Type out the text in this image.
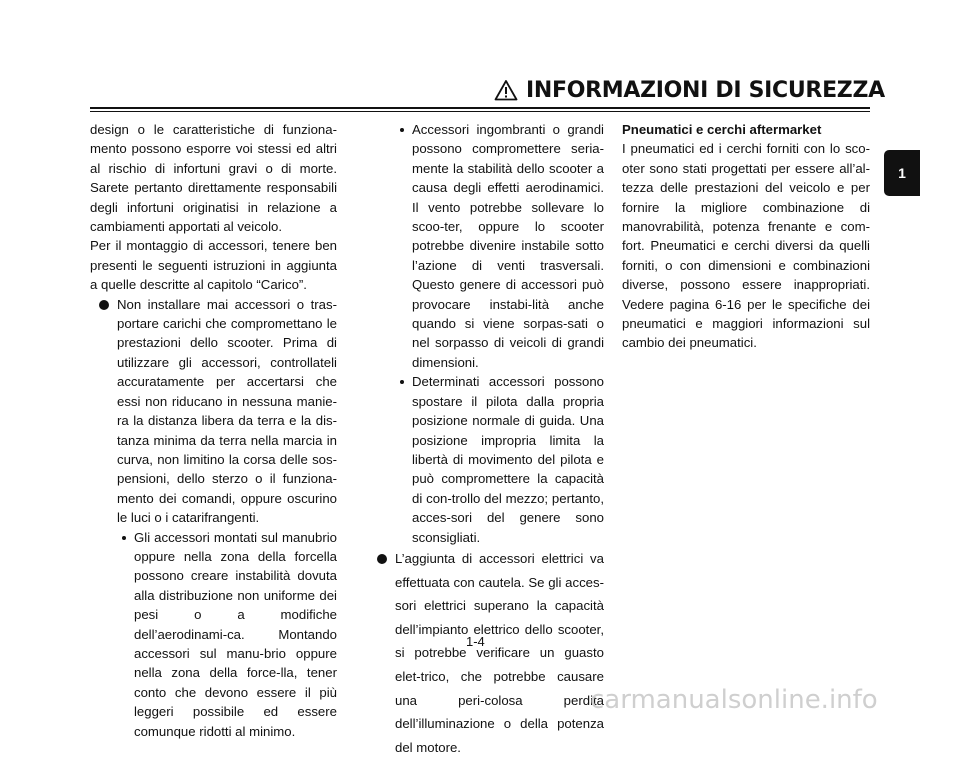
INFORMAZIONI DI SICUREZZA

design o le caratteristiche di funziona-mento possono esporre voi stessi ed altri al rischio di infortuni gravi o di morte. Sarete pertanto direttamente responsabili degli infortuni originatisi in relazione a cambiamenti apportati al veicolo.

Per il montaggio di accessori, tenere ben presenti le seguenti istruzioni in aggiunta a quelle descritte al capitolo “Carico”.

Non installare mai accessori o tras-portare carichi che compromettano le prestazioni dello scooter. Prima di utilizzare gli accessori, controllateli accuratamente per accertarsi che essi non riducano in nessuna manie-ra la distanza libera da terra e la dis-tanza minima da terra nella marcia in curva, non limitino la corsa delle sos-pensioni, dello sterzo o il funziona-mento dei comandi, oppure oscurino le luci o i catarifrangenti.

Gli accessori montati sul manubrio oppure nella zona della forcella possono creare instabilità dovuta alla distribuzione non uniforme dei pesi o a modifiche dell’aerodinami-ca. Montando accessori sul manu-brio oppure nella zona della force-lla, tener conto che devono essere il più leggeri possibile ed essere comunque ridotti al minimo.

Accessori ingombranti o grandi possono compromettere seria-mente la stabilità dello scooter a causa degli effetti aerodinamici. Il vento potrebbe sollevare lo scoo-ter, oppure lo scooter potrebbe divenire instabile sotto l’azione di venti trasversali. Questo genere di accessori può provocare instabi-lità anche quando si viene sorpas-sati o nel sorpasso di veicoli di grandi dimensioni.

Determinati accessori possono spostare il pilota dalla propria posizione normale di guida. Una posizione impropria limita la libertà di movimento del pilota e può compromettere la capacità di con-trollo del mezzo; pertanto, acces-sori del genere sono sconsigliati.

L’aggiunta di accessori elettrici va effettuata con cautela. Se gli acces-sori elettrici superano la capacità dell’impianto elettrico dello scooter, si potrebbe verificare un guasto elet-trico, che potrebbe causare una peri-colosa perdita dell’illuminazione o della potenza del motore.

Pneumatici e cerchi aftermarket

I pneumatici ed i cerchi forniti con lo sco-oter sono stati progettati per essere all’al-tezza delle prestazioni del veicolo e per fornire la migliore combinazione di manovrabilità, potenza frenante e com-fort. Pneumatici e cerchi diversi da quelli forniti, o con dimensioni e combinazioni diverse, possono essere inappropriati. Vedere pagina 6-16 per le specifiche dei pneumatici e maggiori informazioni sul cambio dei pneumatici.

1
1-4
carmanualsonline.info
